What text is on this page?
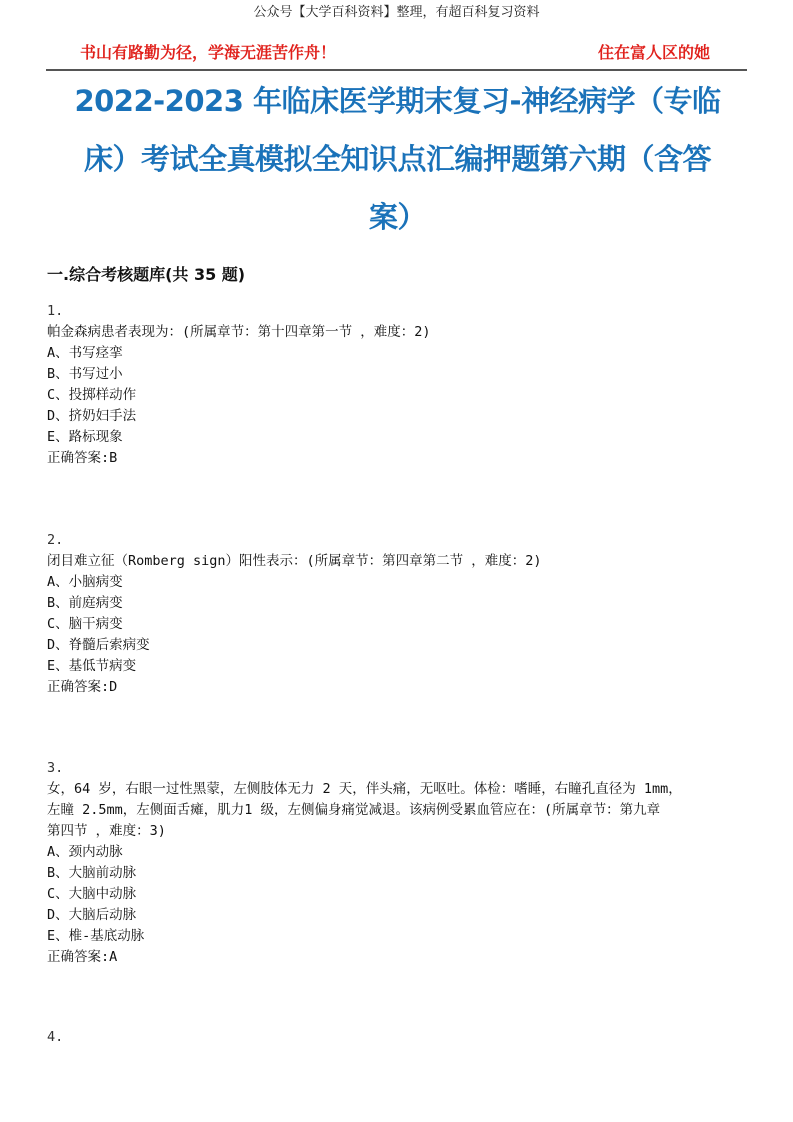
公众号【大学百科资料】整理，有超百科复习资料
书山有路勤为径，学海无涯苦作舟！	住在富人区的她
2022-2023 年临床医学期末复习-神经病学（专临
床）考试全真模拟全知识点汇编押题第六期（含答
案）
一.综合考核题库(共 35 题)
1.
帕金森病患者表现为：(所属章节：第十四章第一节 ，难度：2)
A、书写痉挛
B、书写过小
C、投掷样动作
D、挤奶妇手法
E、路标现象
正确答案:B
2.
闭目难立征（Romberg sign）阳性表示：(所属章节：第四章第二节 ，难度：2)
A、小脑病变
B、前庭病变
C、脑干病变
D、脊髓后索病变
E、基低节病变
正确答案:D
3.
女，64 岁，右眼一过性黑蒙，左侧肢体无力 2 天，伴头痛，无呕吐。体检：嗜睡，右瞳孔直径为 1mm，
左瞳 2.5mm，左侧面舌瘫，肌力1 级，左侧偏身痛觉减退。该病例受累血管应在：(所属章节：第九章
第四节 ，难度：3)
A、颈内动脉
B、大脑前动脉
C、大脑中动脉
D、大脑后动脉
E、椎-基底动脉
正确答案:A
4.
